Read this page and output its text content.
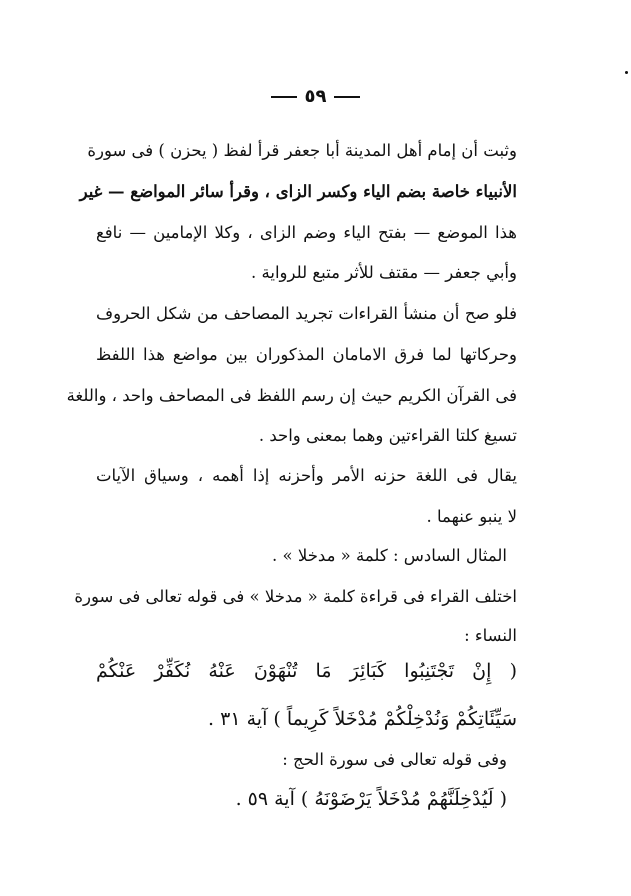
٥٩
وثبت أن إمام أهل المدينة أبا جعفر قرأ لفظ ( يحزن ) فى سورة
الأنبياء خاصة بضم الياء وكسر الزاى ، وقرأ سائر المواضع — غير
هذا الموضع — بفتح الياء وضم الزاى ، وكلا الإمامين — نافع
وأبي جعفر — مقتف للأثر متبع للرواية .
فلو صح أن منشأ القراءات تجريد المصاحف من شكل الحروف
وحركاتها لما فرق الامامان المذكوران بين مواضع هذا اللفظ
فى القرآن الكريم حيث إن رسم اللفظ فى المصاحف واحد ، واللغة
تسيغ كلتا القراءتين وهما بمعنى واحد .
يقال فى اللغة حزنه الأمر وأحزنه إذا أهمه ، وسياق الآيات
لا ينبو عنهما .
المثال السادس : كلمة « مدخلا » .
اختلف القراء فى قراءة كلمة « مدخلا » فى قوله تعالى فى سورة
النساء :
( إِنْ تَجْتَنِبُوا كَبَائِرَ مَا تُنْهَوْنَ عَنْهُ نُكَفِّرْ عَنْكُمْ
سَيِّئَاتِكُمْ وَنُدْخِلْكُمْ مُدْخَلاً كَرِيماً ) آية ٣١ .
وفى قوله تعالى فى سورة الحج :
( لَيُدْخِلَنَّهُمْ مُدْخَلاً يَرْضَوْنَهُ ) آية ٥٩ .
